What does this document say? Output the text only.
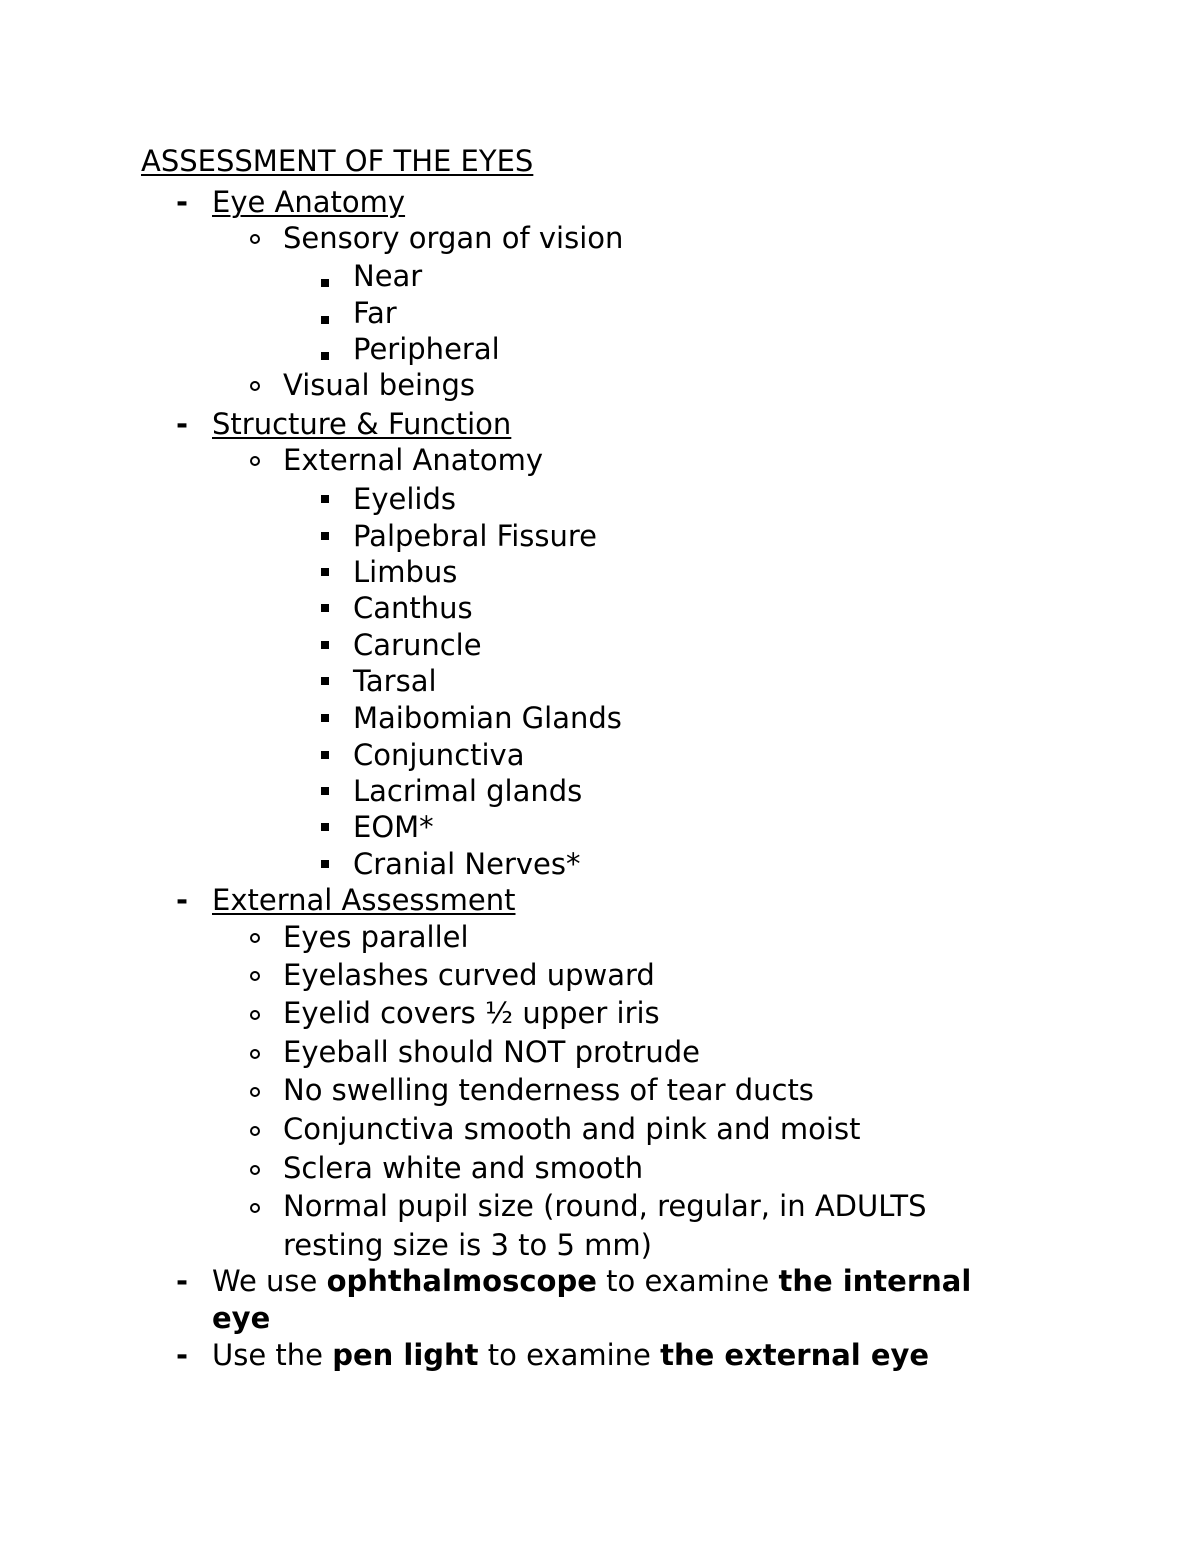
ASSESSMENT OF THE EYES
- Eye Anatomy
Sensory organ of vision
Near
Far
Peripheral
Visual beings
- Structure & Function
External Anatomy
Eyelids
Palpebral Fissure
Limbus
Canthus
Caruncle
Tarsal
Maibomian Glands
Conjunctiva
Lacrimal glands
EOM*
Cranial Nerves*
- External Assessment
Eyes parallel
Eyelashes curved upward
Eyelid covers ½ upper iris
Eyeball should NOT protrude
No swelling tenderness of tear ducts
Conjunctiva smooth and pink and moist
Sclera white and smooth
Normal pupil size (round, regular, in ADULTS
resting size is 3 to 5 mm)
- We use ophthalmoscope to examine the internal
eye
- Use the pen light to examine the external eye
